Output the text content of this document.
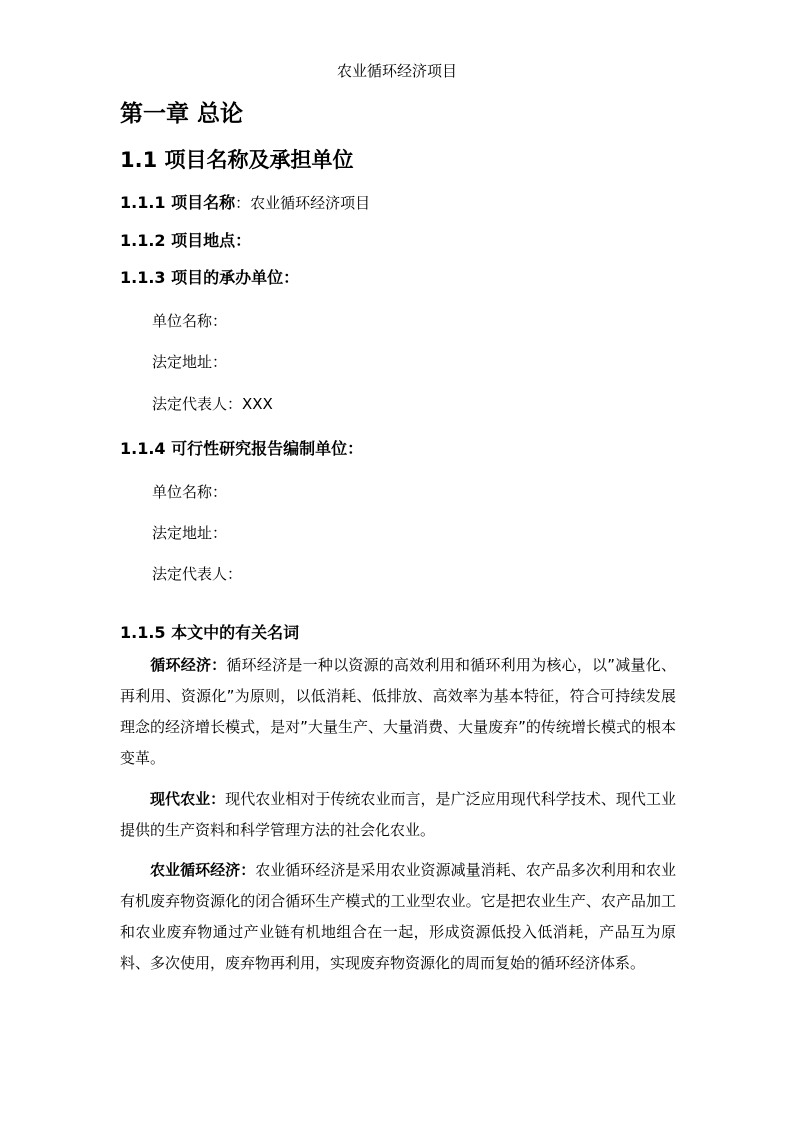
农业循环经济项目
第一章 总论
1.1 项目名称及承担单位
1.1.1 项目名称：农业循环经济项目
1.1.2 项目地点：
1.1.3 项目的承办单位：
单位名称：
法定地址：
法定代表人：XXX
1.1.4 可行性研究报告编制单位：
单位名称：
法定地址：
法定代表人：
1.1.5 本文中的有关名词
循环经济：循环经济是一种以资源的高效利用和循环利用为核心，以”减量化、再利用、资源化”为原则，以低消耗、低排放、高效率为基本特征，符合可持续发展理念的经济增长模式，是对”大量生产、大量消费、大量废弃”的传统增长模式的根本变革。
现代农业：现代农业相对于传统农业而言，是广泛应用现代科学技术、现代工业提供的生产资料和科学管理方法的社会化农业。
农业循环经济：农业循环经济是采用农业资源减量消耗、农产品多次利用和农业有机废弃物资源化的闭合循环生产模式的工业型农业。它是把农业生产、农产品加工和农业废弃物通过产业链有机地组合在一起，形成资源低投入低消耗，产品互为原料、多次使用，废弃物再利用，实现废弃物资源化的周而复始的循环经济体系。
